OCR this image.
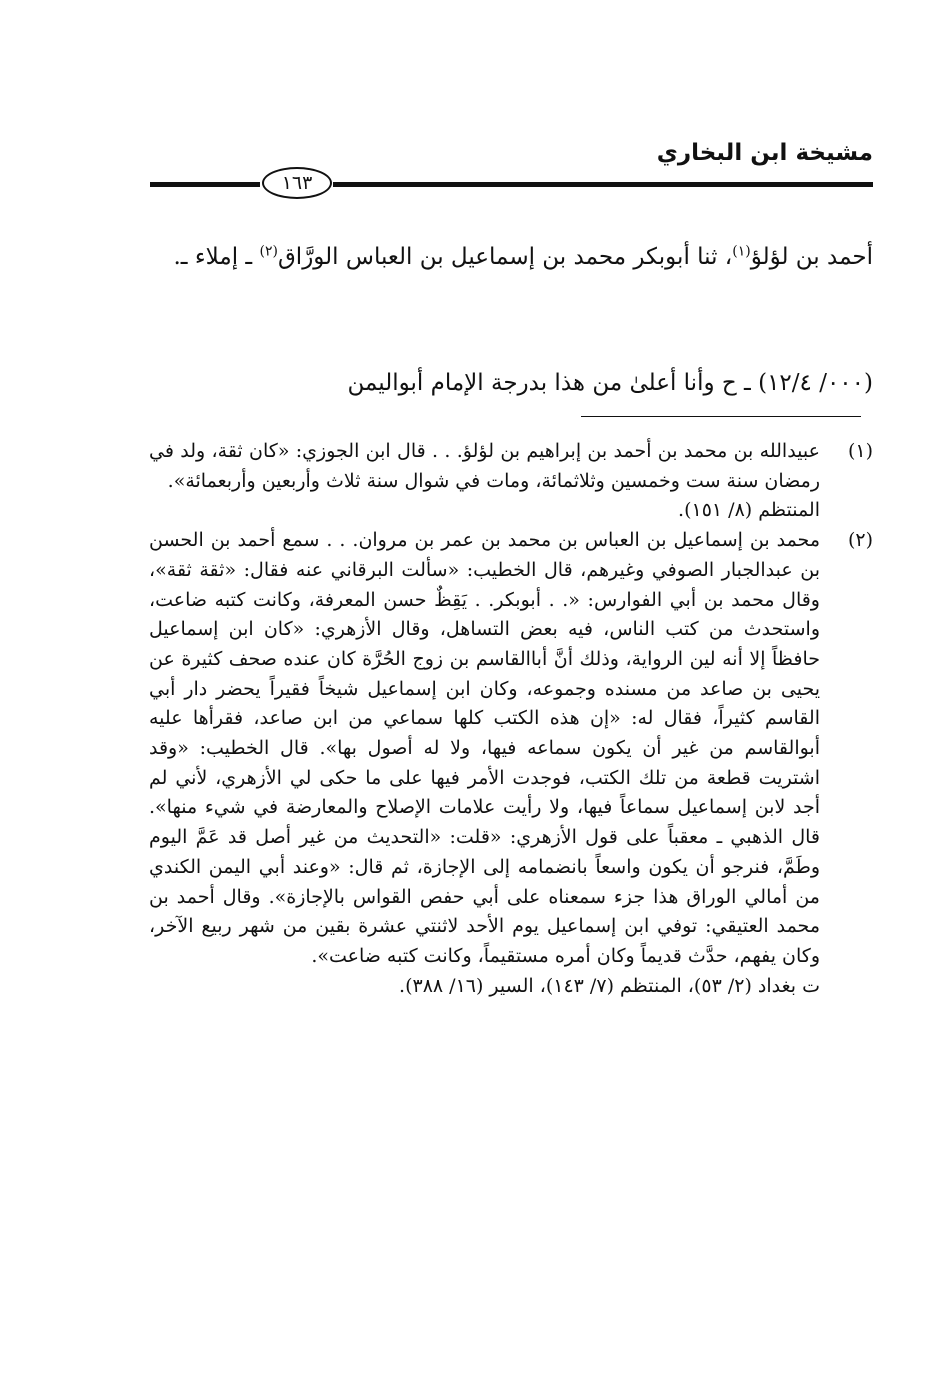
مشيخة ابن البخاري
١٦٣
أحمد بن لؤلؤ$^{(١)}$، ثنا أبوبكر محمد بن إسماعيل بن العباس الورَّاق$^{(٢)}$ ـ إملاء ـ.
(٠٠٠/ ١٢/٤) ـ ح وأنا أعلىٰ من هذا بدرجة الإمام أبواليمن
(١)
عبيدالله بن محمد بن أحمد بن إبراهيم بن لؤلؤ. . . قال ابن الجوزي: «كان ثقة، ولد في رمضان سنة ست وخمسين وثلاثمائة، ومات في شوال سنة ثلاث وأربعين وأربعمائة».
المنتظم (٨/ ١٥١).
(٢)
محمد بن إسماعيل بن العباس بن محمد بن عمر بن مروان. . . سمع أحمد بن الحسن بن عبدالجبار الصوفي وغيرهم، قال الخطيب: «سألت البرقاني عنه فقال: «ثقة ثقة»، وقال محمد بن أبي الفوارس: «. . أبوبكر. . يَقِظٌ حسن المعرفة، وكانت كتبه ضاعت، واستحدث من كتب الناس، فيه بعض التساهل، وقال الأزهري: «كان ابن إسماعيل حافظاً إلا أنه لين الرواية، وذلك أنَّ أباالقاسم بن زوج الحُرَّة كان عنده صحف كثيرة عن يحيى بن صاعد من مسنده وجموعه، وكان ابن إسماعيل شيخاً فقيراً يحضر دار أبي القاسم كثيراً، فقال له: «إن هذه الكتب كلها سماعي من ابن صاعد، فقرأها عليه أبوالقاسم من غير أن يكون سماعه فيها، ولا له أصول بها». قال الخطيب: «وقد اشتريت قطعة من تلك الكتب، فوجدت الأمر فيها على ما حكى لي الأزهري، لأني لم أجد لابن إسماعيل سماعاً فيها، ولا رأيت علامات الإصلاح والمعارضة في شيء منها». قال الذهبي ـ معقباً على قول الأزهري: «قلت: «التحديث من غير أصل قد عَمَّ اليوم وطَمَّ، فنرجو أن يكون واسعاً بانضمامه إلى الإجازة، ثم قال: «وعند أبي اليمن الكندي من أمالي الوراق هذا جزء سمعناه على أبي حفص القواس بالإجازة». وقال أحمد بن محمد العتيقي: توفي ابن إسماعيل يوم الأحد لاثنتي عشرة بقين من شهر ربيع الآخر، وكان يفهم، حدَّث قديماً وكان أمره مستقيماً، وكانت كتبه ضاعت».
ت بغداد (٢/ ٥٣)، المنتظم (٧/ ١٤٣)، السير (١٦/ ٣٨٨).
